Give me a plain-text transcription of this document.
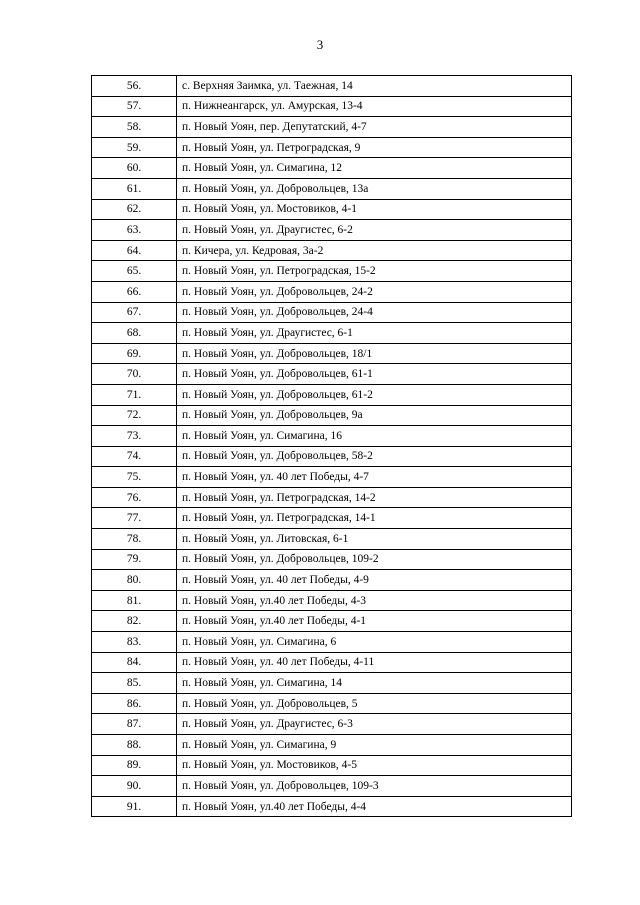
3
56.	с. Верхняя Заимка, ул. Таежная, 14
57.	п. Нижнеангарск, ул. Амурская, 13-4
58.	п. Новый Уоян, пер. Депутатский, 4-7
59.	п. Новый Уоян, ул. Петроградская, 9
60.	п. Новый Уоян, ул. Симагина, 12
61.	п. Новый Уоян, ул. Добровольцев, 13а
62.	п. Новый Уоян, ул. Мостовиков, 4-1
63.	п. Новый Уоян, ул. Драугистес, 6-2
64.	п. Кичера, ул. Кедровая, 3а-2
65.	п. Новый Уоян, ул. Петроградская, 15-2
66.	п. Новый Уоян, ул. Добровольцев, 24-2
67.	п. Новый Уоян, ул. Добровольцев, 24-4
68.	п. Новый Уоян, ул. Драугистес, 6-1
69.	п. Новый Уоян, ул. Добровольцев, 18/1
70.	п. Новый Уоян, ул. Добровольцев, 61-1
71.	п. Новый Уоян, ул. Добровольцев, 61-2
72.	п. Новый Уоян, ул. Добровольцев, 9а
73.	п. Новый Уоян, ул. Симагина, 16
74.	п. Новый Уоян, ул. Добровольцев, 58-2
75.	п. Новый Уоян, ул. 40 лет Победы, 4-7
76.	п. Новый Уоян, ул. Петроградская, 14-2
77.	п. Новый Уоян, ул. Петроградская, 14-1
78.	п. Новый Уоян, ул. Литовская, 6-1
79.	п. Новый Уоян, ул. Добровольцев, 109-2
80.	п. Новый Уоян, ул. 40 лет Победы, 4-9
81.	п. Новый Уоян, ул.40 лет Победы, 4-3
82.	п. Новый Уоян, ул.40 лет Победы, 4-1
83.	п. Новый Уоян, ул. Симагина, 6
84.	п. Новый Уоян, ул. 40 лет Победы, 4-11
85.	п. Новый Уоян, ул. Симагина, 14
86.	п. Новый Уоян, ул. Добровольцев, 5
87.	п. Новый Уоян, ул. Драугистес, 6-3
88.	п. Новый Уоян, ул. Симагина, 9
89.	п. Новый Уоян, ул. Мостовиков, 4-5
90.	п. Новый Уоян, ул. Добровольцев, 109-3
91.	п. Новый Уоян, ул.40 лет Победы, 4-4
